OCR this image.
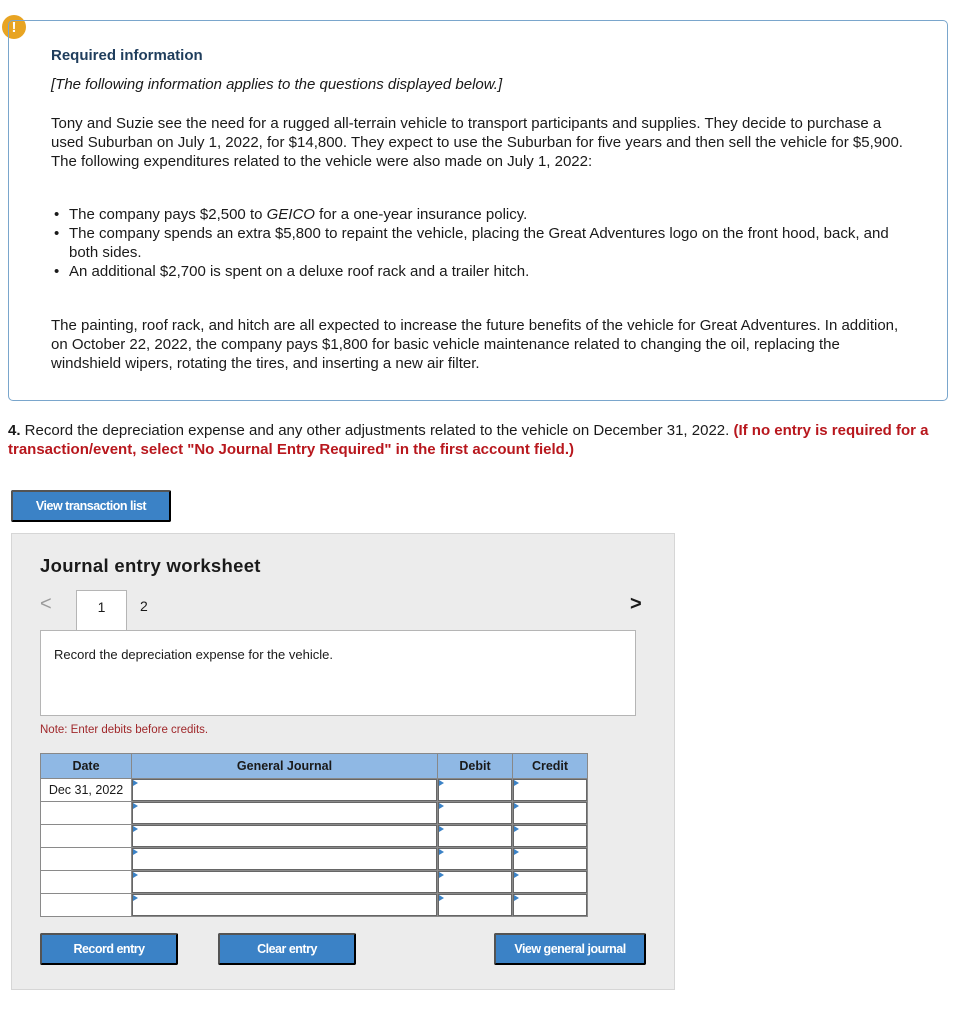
!
Required information
[The following information applies to the questions displayed below.]
Tony and Suzie see the need for a rugged all-terrain vehicle to transport participants and supplies. They decide to purchase a used Suburban on July 1, 2022, for $14,800. They expect to use the Suburban for five years and then sell the vehicle for $5,900. The following expenditures related to the vehicle were also made on July 1, 2022:
• The company pays $2,500 to GEICO for a one-year insurance policy.
• The company spends an extra $5,800 to repaint the vehicle, placing the Great Adventures logo on the front hood, back, and both sides.
• An additional $2,700 is spent on a deluxe roof rack and a trailer hitch.
The painting, roof rack, and hitch are all expected to increase the future benefits of the vehicle for Great Adventures. In addition, on October 22, 2022, the company pays $1,800 for basic vehicle maintenance related to changing the oil, replacing the windshield wipers, rotating the tires, and inserting a new air filter.
4. Record the depreciation expense and any other adjustments related to the vehicle on December 31, 2022. (If no entry is required for a transaction/event, select "No Journal Entry Required" in the first account field.)
View transaction list
Journal entry worksheet
<	>
1	2
Record the depreciation expense for the vehicle.
Note: Enter debits before credits.
Date	General Journal	Debit	Credit
Dec 31, 2022	

Record entry	Clear entry	View general journal
